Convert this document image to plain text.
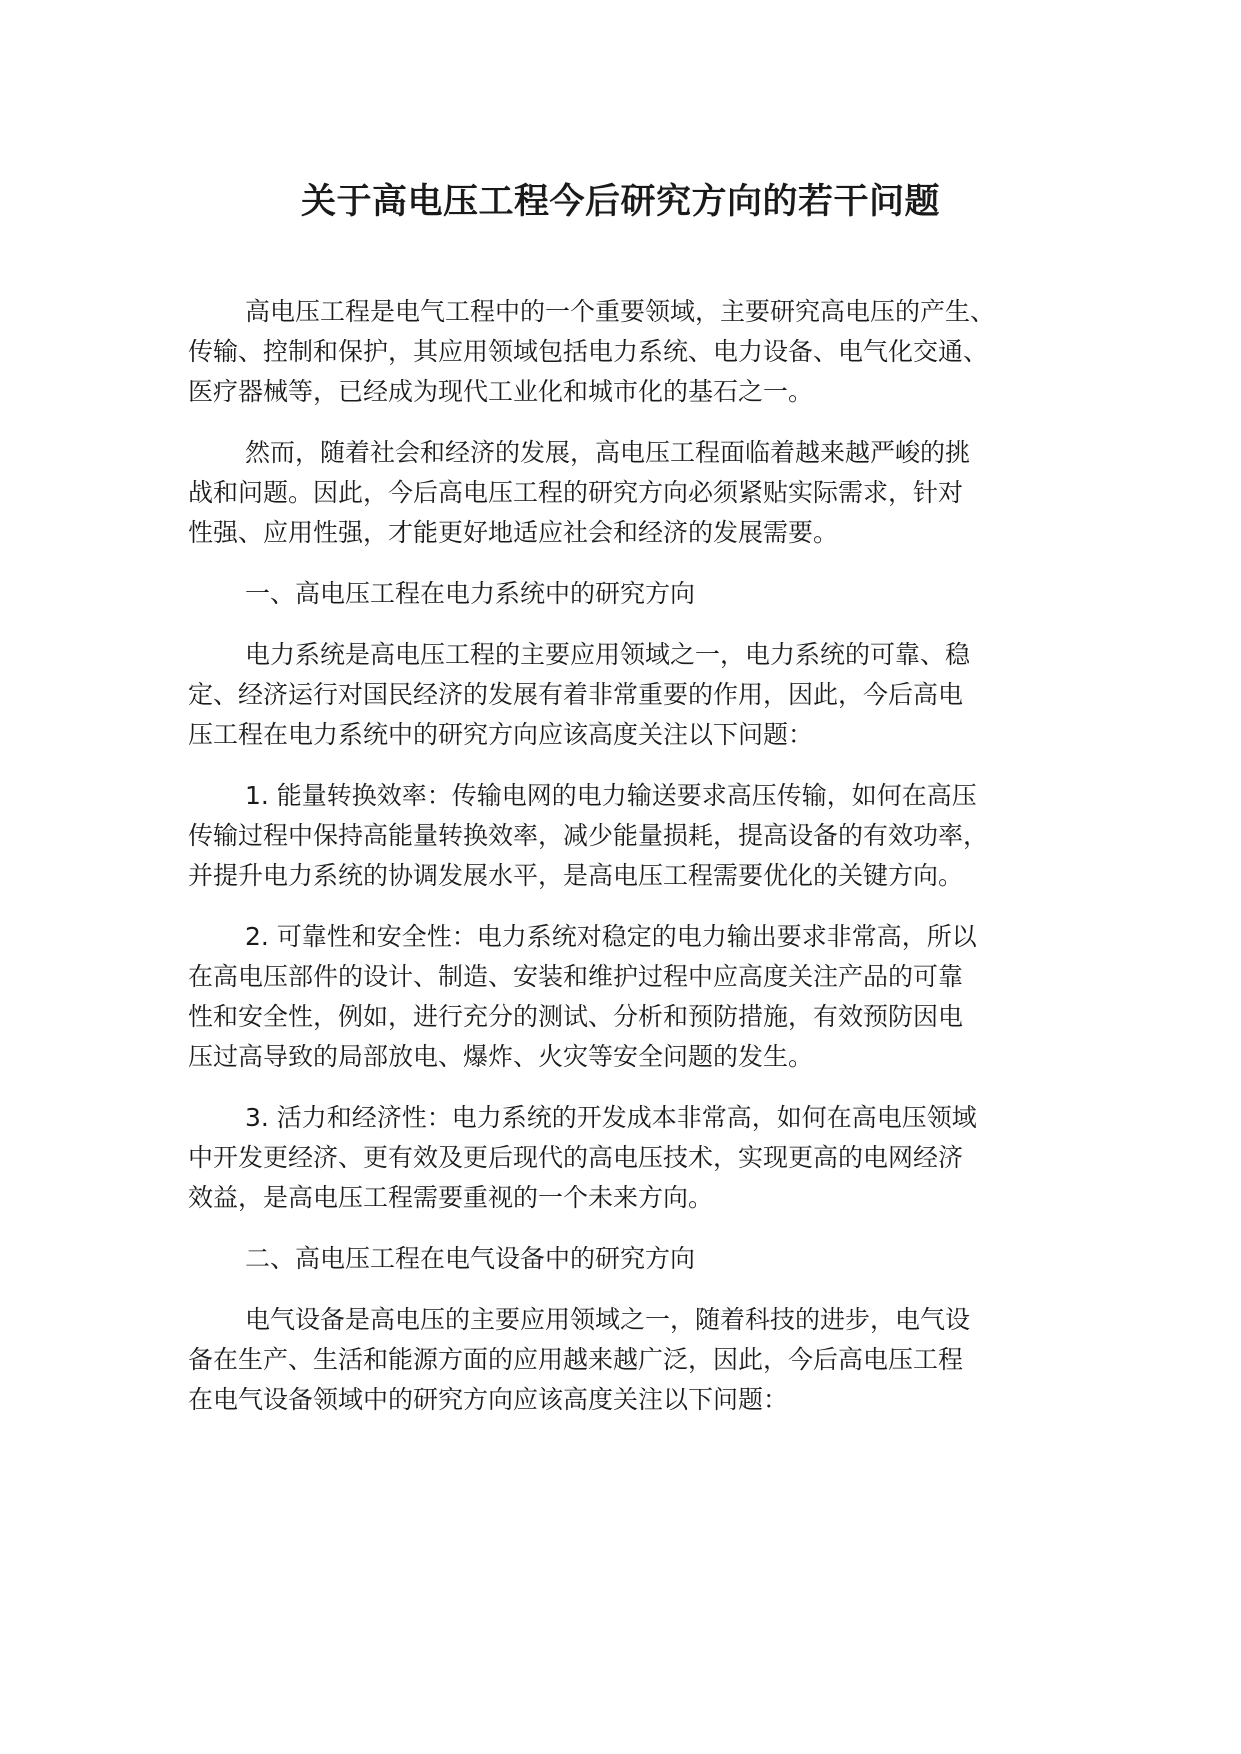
关于高电压工程今后研究方向的若干问题

高电压工程是电气工程中的一个重要领域，主要研究高电压的产生、
传输、控制和保护，其应用领域包括电力系统、电力设备、电气化交通、
医疗器械等，已经成为现代工业化和城市化的基石之一。

然而，随着社会和经济的发展，高电压工程面临着越来越严峻的挑
战和问题。因此，今后高电压工程的研究方向必须紧贴实际需求，针对
性强、应用性强，才能更好地适应社会和经济的发展需要。

一、高电压工程在电力系统中的研究方向

电力系统是高电压工程的主要应用领域之一，电力系统的可靠、稳
定、经济运行对国民经济的发展有着非常重要的作用，因此，今后高电
压工程在电力系统中的研究方向应该高度关注以下问题：

1. 能量转换效率：传输电网的电力输送要求高压传输，如何在高压
传输过程中保持高能量转换效率，减少能量损耗，提高设备的有效功率，
并提升电力系统的协调发展水平，是高电压工程需要优化的关键方向。

2. 可靠性和安全性：电力系统对稳定的电力输出要求非常高，所以
在高电压部件的设计、制造、安装和维护过程中应高度关注产品的可靠
性和安全性，例如，进行充分的测试、分析和预防措施，有效预防因电
压过高导致的局部放电、爆炸、火灾等安全问题的发生。

3. 活力和经济性：电力系统的开发成本非常高，如何在高电压领域
中开发更经济、更有效及更后现代的高电压技术，实现更高的电网经济
效益，是高电压工程需要重视的一个未来方向。

二、高电压工程在电气设备中的研究方向

电气设备是高电压的主要应用领域之一，随着科技的进步，电气设
备在生产、生活和能源方面的应用越来越广泛，因此，今后高电压工程
在电气设备领域中的研究方向应该高度关注以下问题：
